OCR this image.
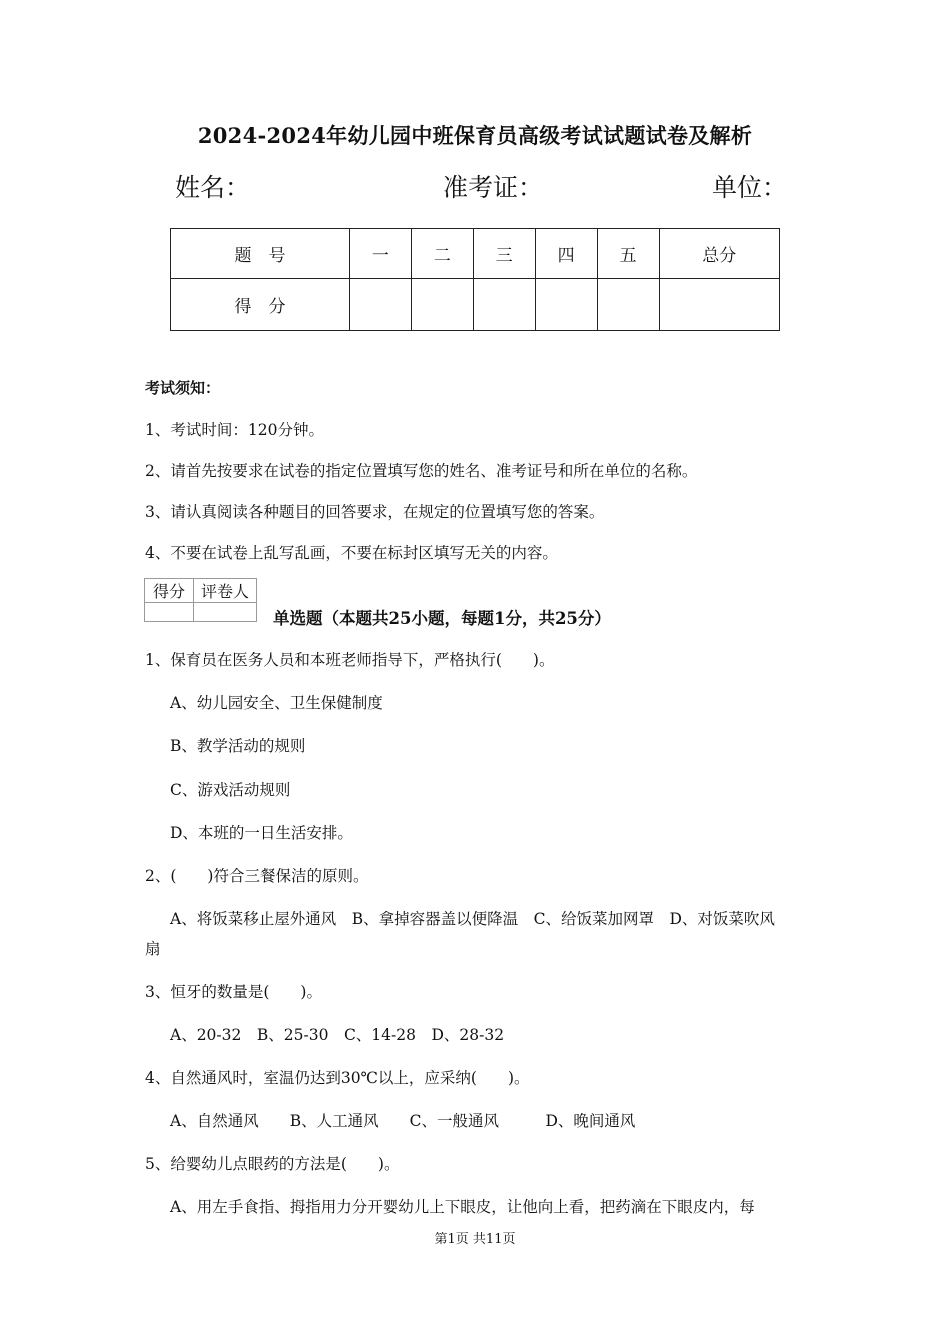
2024-2024年幼儿园中班保育员高级考试试题试卷及解析
姓名：	准考证：	单位：
题　号	一	二	三	四	五	总分
得　分						
考试须知：
1、考试时间：120分钟。
2、请首先按要求在试卷的指定位置填写您的姓名、准考证号和所在单位的名称。
3、请认真阅读各种题目的回答要求，在规定的位置填写您的答案。
4、不要在试卷上乱写乱画，不要在标封区填写无关的内容。
得分	评卷人

单选题（本题共25小题，每题1分，共25分）
1、保育员在医务人员和本班老师指导下，严格执行(　　)。
A、幼儿园安全、卫生保健制度
B、教学活动的规则
C、游戏活动规则
D、本班的一日生活安排。
2、(　　)符合三餐保洁的原则。
A、将饭菜移止屋外通风　B、拿掉容器盖以便降温　C、给饭菜加网罩　D、对饭菜吹风
扇
3、恒牙的数量是(　　)。
A、20-32　B、25-30　C、14-28　D、28-32
4、自然通风时，室温仍达到30℃以上，应采纳(　　)。
A、自然通风　　B、人工通风　　C、一般通风　　　D、晚间通风
5、给婴幼儿点眼药的方法是(　　)。
A、用左手食指、拇指用力分开婴幼儿上下眼皮，让他向上看，把药滴在下眼皮内，每
第1页 共11页
